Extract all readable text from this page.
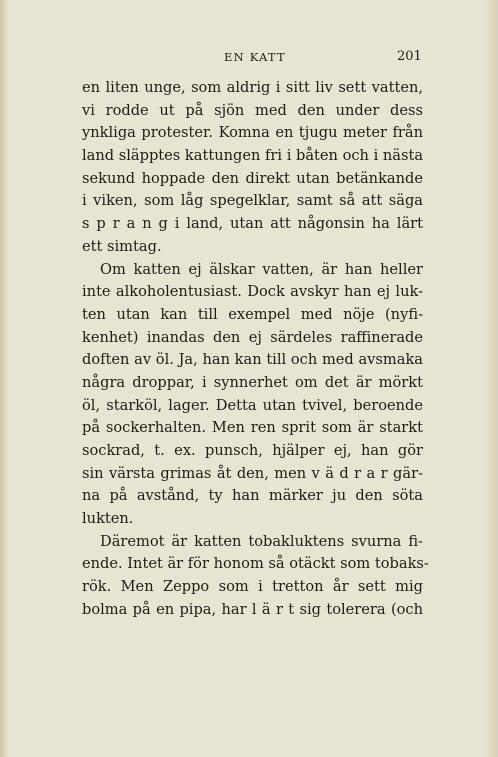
EN KATT	201
en liten unge, som aldrig i sitt liv sett vatten,
vi rodde ut på sjön med den under dess
ynkliga protester. Komna en tjugu meter från
land släpptes kattungen fri i båten och i nästa
sekund hoppade den direkt utan betänkande
i viken, som låg spegelklar, samt så att säga
s p r a n g i land, utan att någonsin ha lärt
ett simtag.
Om katten ej älskar vatten, är han heller
inte alkoholentusiast. Dock avskyr han ej luk-
ten utan kan till exempel med nöje (nyfi-
kenhet) inandas den ej särdeles raffinerade
doften av öl. Ja, han kan till och med avsmaka
några droppar, i synnerhet om det är mörkt
öl, starköl, lager. Detta utan tvivel, beroende
på sockerhalten. Men ren sprit som är starkt
sockrad, t. ex. punsch, hjälper ej, han gör
sin värsta grimas åt den, men v ä d r a r gär-
na på avstånd, ty han märker ju den söta
lukten.
Däremot är katten tobakluktens svurna fi-
ende. Intet är för honom så otäckt som tobaks-
rök. Men Zeppo som i tretton år sett mig
bolma på en pipa, har l ä r t sig tolerera (och
